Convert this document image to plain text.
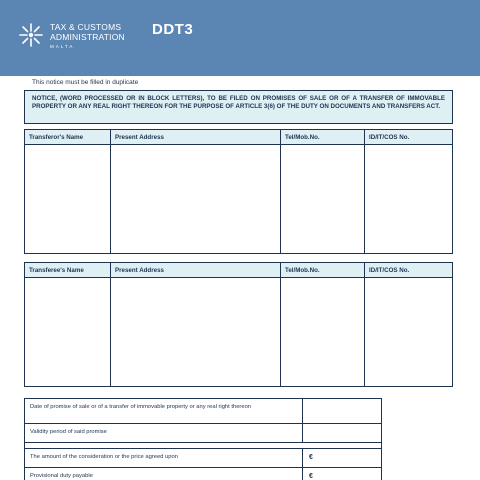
TAX & CUSTOMS
ADMINISTRATION
MALTA
DDT3
This notice must be filled in duplicate
NOTICE, (WORD PROCESSED OR IN BLOCK LETTERS), TO BE FILED ON PROMISES OF SALE OR OF A TRANSFER OF IMMOVABLE PROPERTY OR ANY REAL RIGHT THEREON FOR THE PURPOSE OF ARTICLE 3(6) OF THE DUTY ON DOCUMENTS AND TRANSFERS ACT.
Transferor's Name	Present Address	Tel/Mob.No.	ID/IT/COS No.
Transferee's Name	Present Address	Tel/Mob.No.	ID/IT/COS No.
Date of promise of sale or of a transfer of immovable property or any real right thereon
Validity period of said promise
The amount of the consideration or the price agreed upon	€
Provisional duty payable	€
